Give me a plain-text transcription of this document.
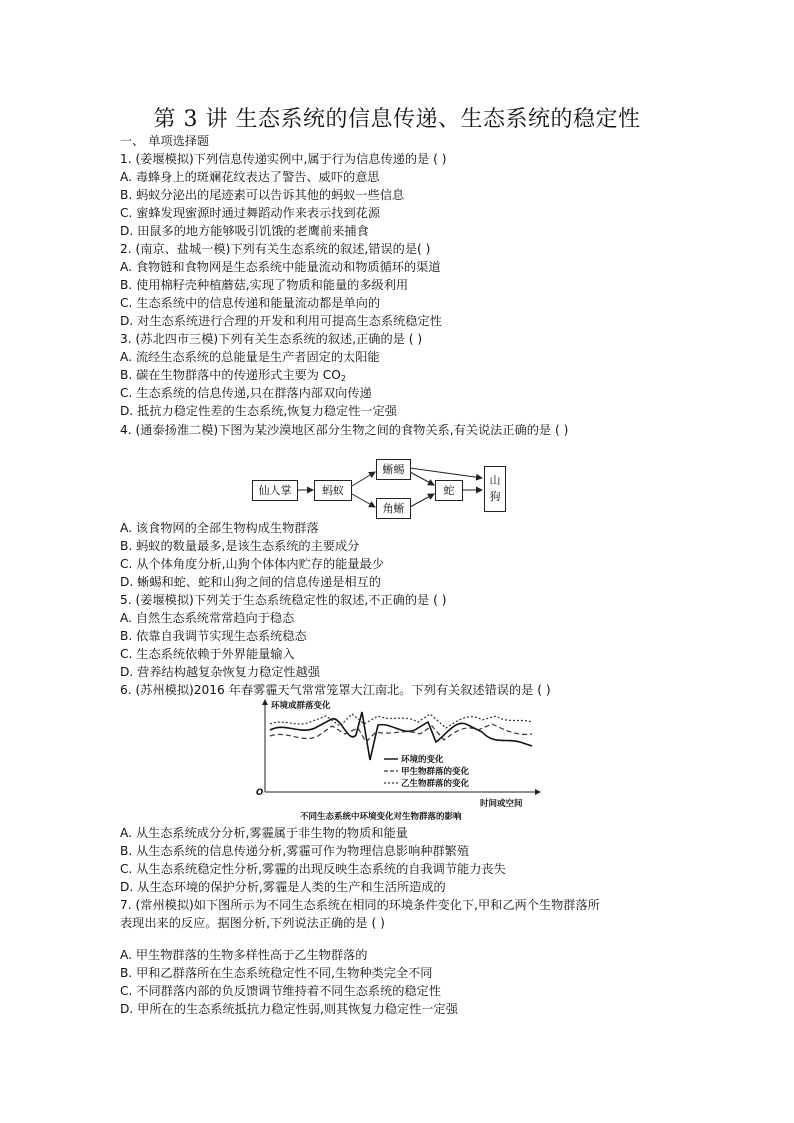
第 3 讲 生态系统的信息传递、生态系统的稳定性
一、 单项选择题
1. (姜堰模拟)下列信息传递实例中,属于行为信息传递的是 ( )
A. 毒蜂身上的斑斓花纹表达了警告、威吓的意思
B. 蚂蚁分泌出的尾迹素可以告诉其他的蚂蚁一些信息
C. 蜜蜂发现蜜源时通过舞蹈动作来表示找到花源
D. 田鼠多的地方能够吸引饥饿的老鹰前来捕食
2. (南京、盐城一模)下列有关生态系统的叙述,错误的是( )
A. 食物链和食物网是生态系统中能量流动和物质循环的渠道
B. 使用棉籽壳种植蘑菇,实现了物质和能量的多级利用
C. 生态系统中的信息传递和能量流动都是单向的
D. 对生态系统进行合理的开发和利用可提高生态系统稳定性
3. (苏北四市三模)下列有关生态系统的叙述,正确的是 ( )
A. 流经生态系统的总能量是生产者固定的太阳能
B. 碳在生物群落中的传递形式主要为 $CO_2$
C. 生态系统的信息传递,只在群落内部双向传递
D. 抵抗力稳定性差的生态系统,恢复力稳定性一定强
4. (通泰扬淮二模)下图为某沙漠地区部分生物之间的食物关系,有关说法正确的是 ( )
仙人掌	蚂蚁
蜥蜴
角蜥
蛇
山
狗
A. 该食物网的全部生物构成生物群落
B. 蚂蚁的数量最多,是该生态系统的主要成分
C. 从个体角度分析,山狗个体体内贮存的能量最少
D. 蜥蜴和蛇、蛇和山狗之间的信息传递是相互的
5. (姜堰模拟)下列关于生态系统稳定性的叙述,不正确的是 ( )
A. 自然生态系统常常趋向于稳态
B. 依靠自我调节实现生态系统稳态
C. 生态系统依赖于外界能量输入
D. 营养结构越复杂恢复力稳定性越强
6. (苏州模拟)2016 年春雾霾天气常常笼罩大江南北。下列有关叙述错误的是 ( )
环境或群落变化
O
环境的变化
甲生物群落的变化
乙生物群落的变化
时间或空间
不同生态系统中环境变化对生物群落的影响
A. 从生态系统成分分析,雾霾属于非生物的物质和能量
B. 从生态系统的信息传递分析,雾霾可作为物理信息影响种群繁殖
C. 从生态系统稳定性分析,雾霾的出现反映生态系统的自我调节能力丧失
D. 从生态环境的保护分析,雾霾是人类的生产和生活所造成的
7. (常州模拟)如下图所示为不同生态系统在相同的环境条件变化下,甲和乙两个生物群落所
表现出来的反应。据图分析,下列说法正确的是 ( )
A. 甲生物群落的生物多样性高于乙生物群落的
B. 甲和乙群落所在生态系统稳定性不同,生物种类完全不同
C. 不同群落内部的负反馈调节维持着不同生态系统的稳定性
D. 甲所在的生态系统抵抗力稳定性弱,则其恢复力稳定性一定强
